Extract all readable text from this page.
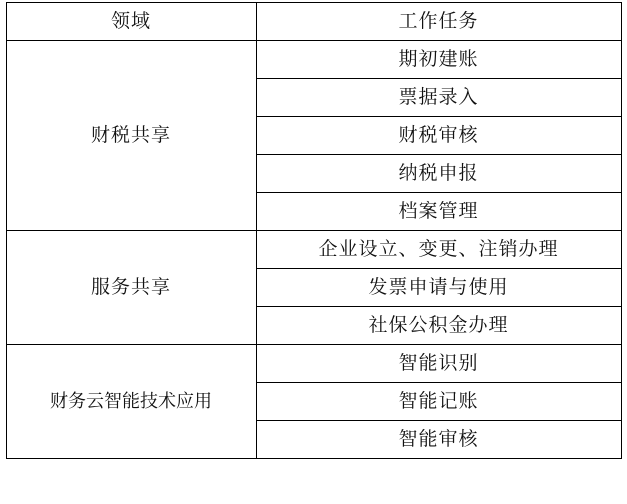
领域	工作任务
财税共享	期初建账
	票据录入
	财税审核
	纳税申报
	档案管理
服务共享	企业设立、变更、注销办理
	发票申请与使用
	社保公积金办理
财务云智能技术应用	智能识别
	智能记账
	智能审核
